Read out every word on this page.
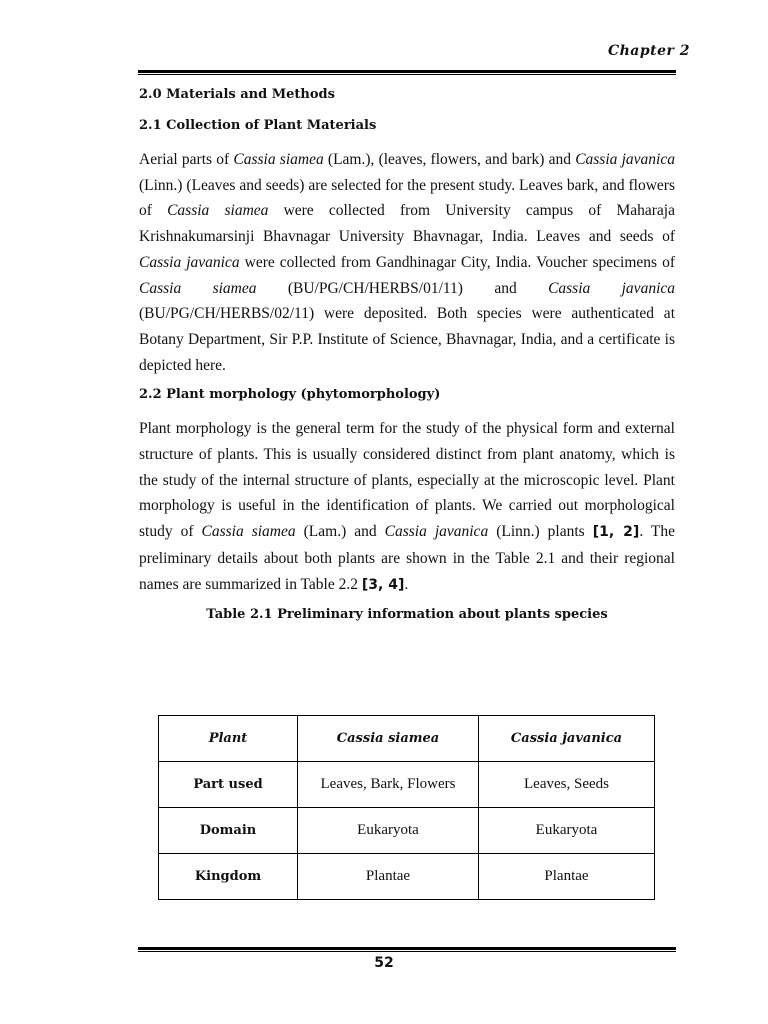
Chapter 2
2.0 Materials and Methods
2.1 Collection of Plant Materials

Aerial parts of Cassia siamea (Lam.), (leaves, flowers, and bark) and Cassia javanica (Linn.) (Leaves and seeds) are selected for the present study. Leaves bark, and flowers of Cassia siamea were collected from University campus of Maharaja Krishnakumarsinji Bhavnagar University Bhavnagar, India. Leaves and seeds of Cassia javanica were collected from Gandhinagar City, India. Voucher specimens of Cassia siamea (BU/PG/CH/HERBS/01/11) and Cassia javanica (BU/PG/CH/HERBS/02/11) were deposited. Both species were authenticated at Botany Department, Sir P.P. Institute of Science, Bhavnagar, India, and a certificate is depicted here.

2.2 Plant morphology (phytomorphology)

Plant morphology is the general term for the study of the physical form and external structure of plants. This is usually considered distinct from plant anatomy, which is the study of the internal structure of plants, especially at the microscopic level. Plant morphology is useful in the identification of plants. We carried out morphological study of Cassia siamea (Lam.) and Cassia javanica (Linn.) plants [1, 2]. The preliminary details about both plants are shown in the Table 2.1 and their regional names are summarized in Table 2.2 [3, 4].

Table 2.1 Preliminary information about plants species
Plant	Cassia siamea	Cassia javanica
Part used	Leaves, Bark, Flowers	Leaves, Seeds
Domain	Eukaryota	Eukaryota
Kingdom	Plantae	Plantae
52
